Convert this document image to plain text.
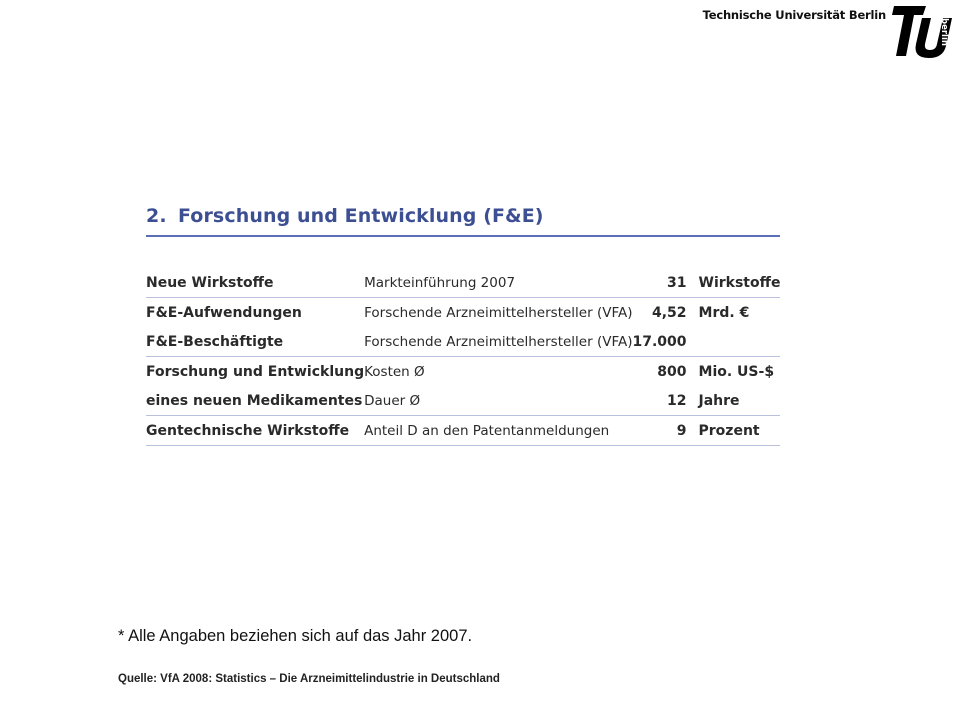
Technische Universität Berlin
berlin
2. Forschung und Entwicklung (F&E)
Neue Wirkstoffe	Markteinführung 2007	31	Wirkstoffe
F&E-Aufwendungen	Forschende Arzneimittelhersteller (VFA)	4,52	Mrd. €
F&E-Beschäftigte	Forschende Arzneimittelhersteller (VFA)	17.000	
Forschung und Entwicklung	Kosten Ø	800	Mio. US-$
eines neuen Medikamentes	Dauer Ø	12	Jahre
Gentechnische Wirkstoffe	Anteil D an den Patentanmeldungen	9	Prozent
* Alle Angaben beziehen sich auf das Jahr 2007.
Quelle: VfA 2008: Statistics – Die Arzneimittelindustrie in Deutschland
